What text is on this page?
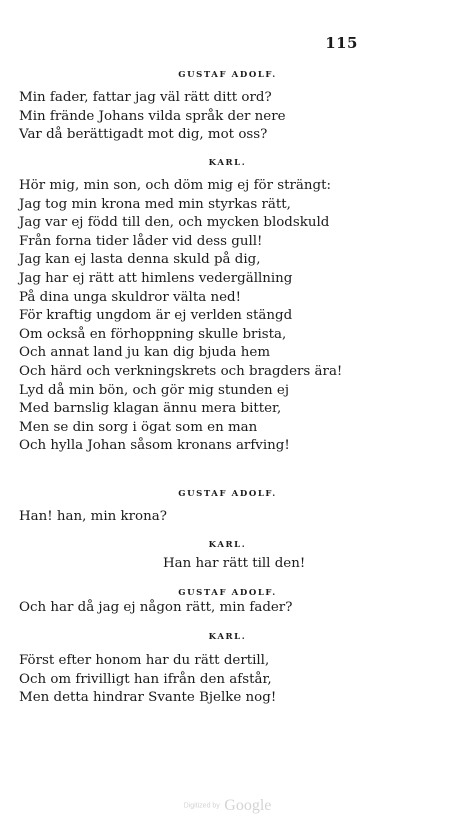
115
GUSTAF ADOLF.
Min fader, fattar jag väl rätt ditt ord?
Min frände Johans vilda språk der nere
Var då berättigadt mot dig, mot oss?
KARL.
Hör mig, min son, och döm mig ej för strängt:
Jag tog min krona med min styrkas rätt,
Jag var ej född till den, och mycken blodskuld
Från forna tider låder vid dess gull!
Jag kan ej lasta denna skuld på dig,
Jag har ej rätt att himlens vedergällning
På dina unga skuldror välta ned!
För kraftig ungdom är ej verlden stängd
Om också en förhoppning skulle brista,
Och annat land ju kan dig bjuda hem
Och härd och verkningskrets och bragders ära!
Lyd då min bön, och gör mig stunden ej
Med barnslig klagan ännu mera bitter,
Men se din sorg i ögat som en man
Och hylla Johan såsom kronans arfving!
GUSTAF ADOLF.
Han! han, min krona?
KARL.
Han har rätt till den!
GUSTAF ADOLF.
Och har då jag ej någon rätt, min fader?
KARL.
Först efter honom har du rätt dertill,
Och om frivilligt han ifrån den afstår,
Men detta hindrar Svante Bjelke nog!
Digitized by Google
